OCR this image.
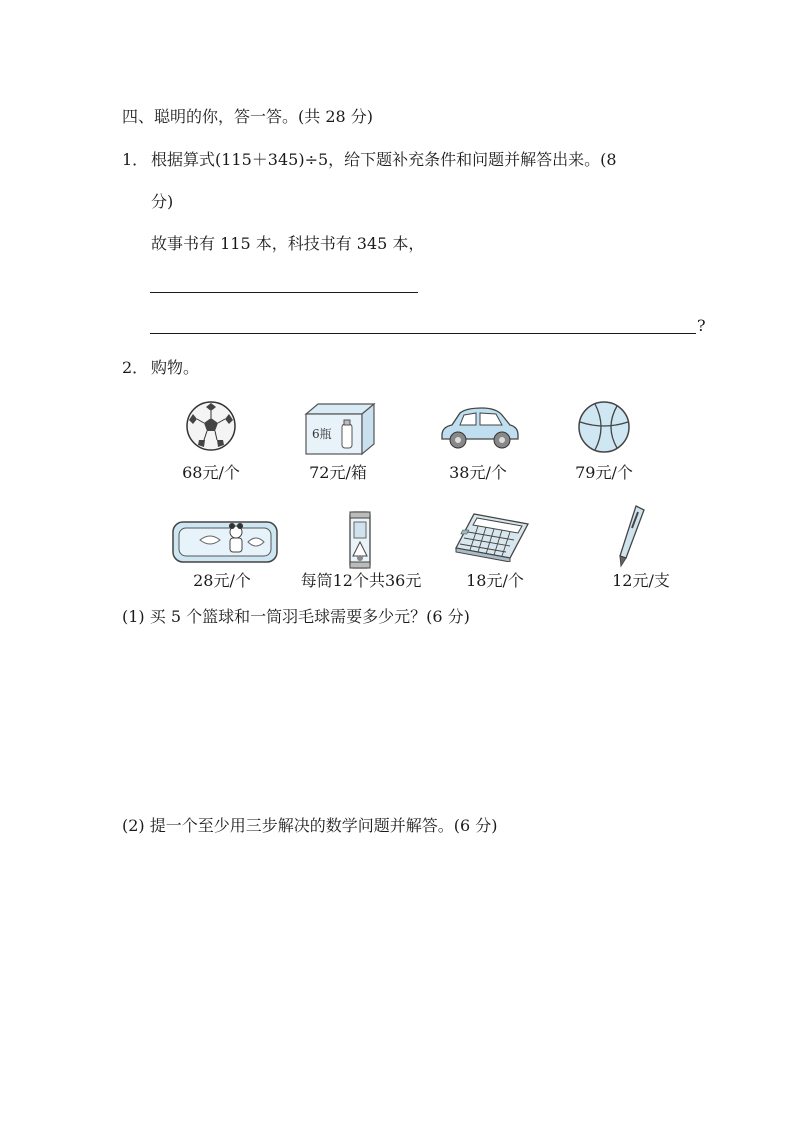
四、聪明的你，答一答。(共 28 分)
1． 根据算式(115＋345)÷5，给下题补充条件和问题并解答出来。(8
分)
故事书有 115 本，科技书有 345 本，
?
2． 购物。
68元/个
6瓶
72元/箱	38元/个	79元/个
28元/个	每筒12个共36元	18元/个	12元/支
(1) 买 5 个篮球和一筒羽毛球需要多少元？(6 分)
(2) 提一个至少用三步解决的数学问题并解答。(6 分)
